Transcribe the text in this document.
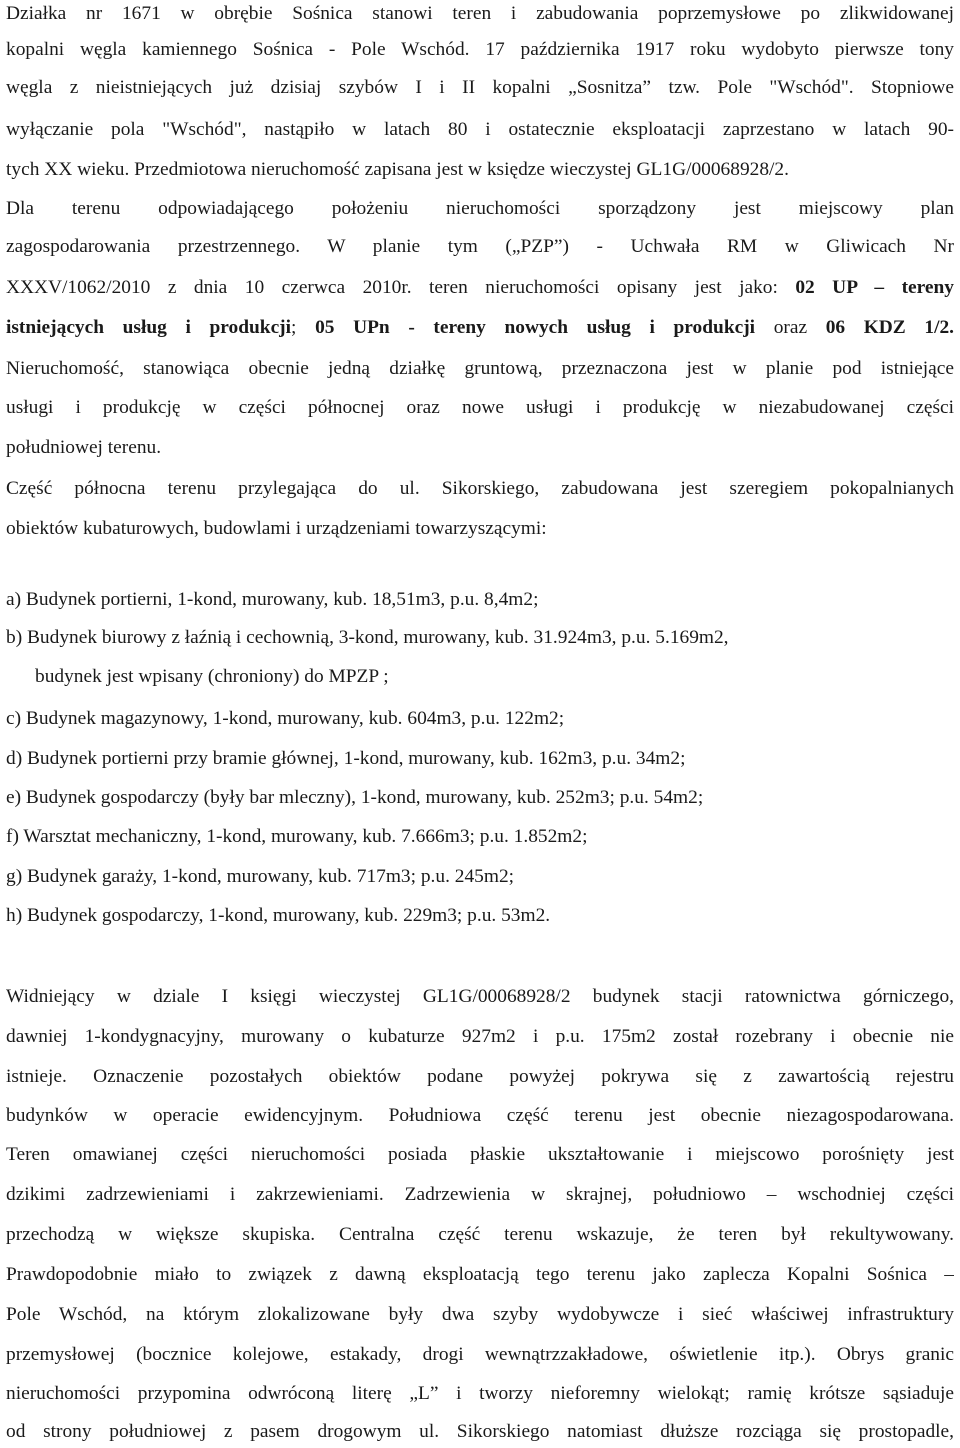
Działka nr 1671 w obrębie Sośnica stanowi teren i zabudowania poprzemysłowe po zlikwidowanej
kopalni węgla kamiennego Sośnica - Pole Wschód. 17 października 1917 roku wydobyto pierwsze tony
węgla z nieistniejących już dzisiaj szybów I i II kopalni „Sosnitza” tzw. Pole "Wschód". Stopniowe
wyłączanie pola "Wschód", nastąpiło w latach 80 i ostatecznie eksploatacji zaprzestano w latach 90-
tych XX wieku. Przedmiotowa nieruchomość zapisana jest w księdze wieczystej GL1G/00068928/2.
Dla terenu odpowiadającego położeniu nieruchomości sporządzony jest miejscowy plan
zagospodarowania przestrzennego. W planie tym („PZP”) - Uchwała RM w Gliwicach Nr
XXXV/1062/2010 z dnia 10 czerwca 2010r. teren nieruchomości opisany jest jako: 02 UP – tereny
istniejących usług i produkcji; 05 UPn - tereny nowych usług i produkcji oraz 06 KDZ 1/2.
Nieruchomość, stanowiąca obecnie jedną działkę gruntową, przeznaczona jest w planie pod istniejące
usługi i produkcję w części północnej oraz nowe usługi i produkcję w niezabudowanej części
południowej terenu.
Część północna terenu przylegająca do ul. Sikorskiego, zabudowana jest szeregiem pokopalnianych
obiektów kubaturowych, budowlami i urządzeniami towarzyszącymi:
a) Budynek portierni, 1-kond, murowany, kub. 18,51m3, p.u. 8,4m2;
b) Budynek biurowy z łaźnią i cechownią, 3-kond, murowany, kub. 31.924m3, p.u. 5.169m2,
budynek jest wpisany (chroniony) do MPZP ;
c) Budynek magazynowy, 1-kond, murowany, kub. 604m3, p.u. 122m2;
d) Budynek portierni przy bramie głównej, 1-kond, murowany, kub. 162m3, p.u. 34m2;
e) Budynek gospodarczy (były bar mleczny), 1-kond, murowany, kub. 252m3; p.u. 54m2;
f) Warsztat mechaniczny, 1-kond, murowany, kub. 7.666m3; p.u. 1.852m2;
g) Budynek garaży, 1-kond, murowany, kub. 717m3; p.u. 245m2;
h) Budynek gospodarczy, 1-kond, murowany, kub. 229m3; p.u. 53m2.
Widniejący w dziale I księgi wieczystej GL1G/00068928/2 budynek stacji ratownictwa górniczego,
dawniej 1-kondygnacyjny, murowany o kubaturze 927m2 i p.u. 175m2 został rozebrany i obecnie nie
istnieje. Oznaczenie pozostałych obiektów podane powyżej pokrywa się z zawartością rejestru
budynków w operacie ewidencyjnym. Południowa część terenu jest obecnie niezagospodarowana.
Teren omawianej części nieruchomości posiada płaskie ukształtowanie i miejscowo porośnięty jest
dzikimi zadrzewieniami i zakrzewieniami. Zadrzewienia w skrajnej, południowo – wschodniej części
przechodzą w większe skupiska. Centralna część terenu wskazuje, że teren był rekultywowany.
Prawdopodobnie miało to związek z dawną eksploatacją tego terenu jako zaplecza Kopalni Sośnica –
Pole Wschód, na którym zlokalizowane były dwa szyby wydobywcze i sieć właściwej infrastruktury
przemysłowej (bocznice kolejowe, estakady, drogi wewnątrzzakładowe, oświetlenie itp.). Obrys granic
nieruchomości przypomina odwróconą literę „L” i tworzy nieforemny wielokąt; ramię krótsze sąsiaduje
od strony południowej z pasem drogowym ul. Sikorskiego natomiast dłuższe rozciąga się prostopadle,
